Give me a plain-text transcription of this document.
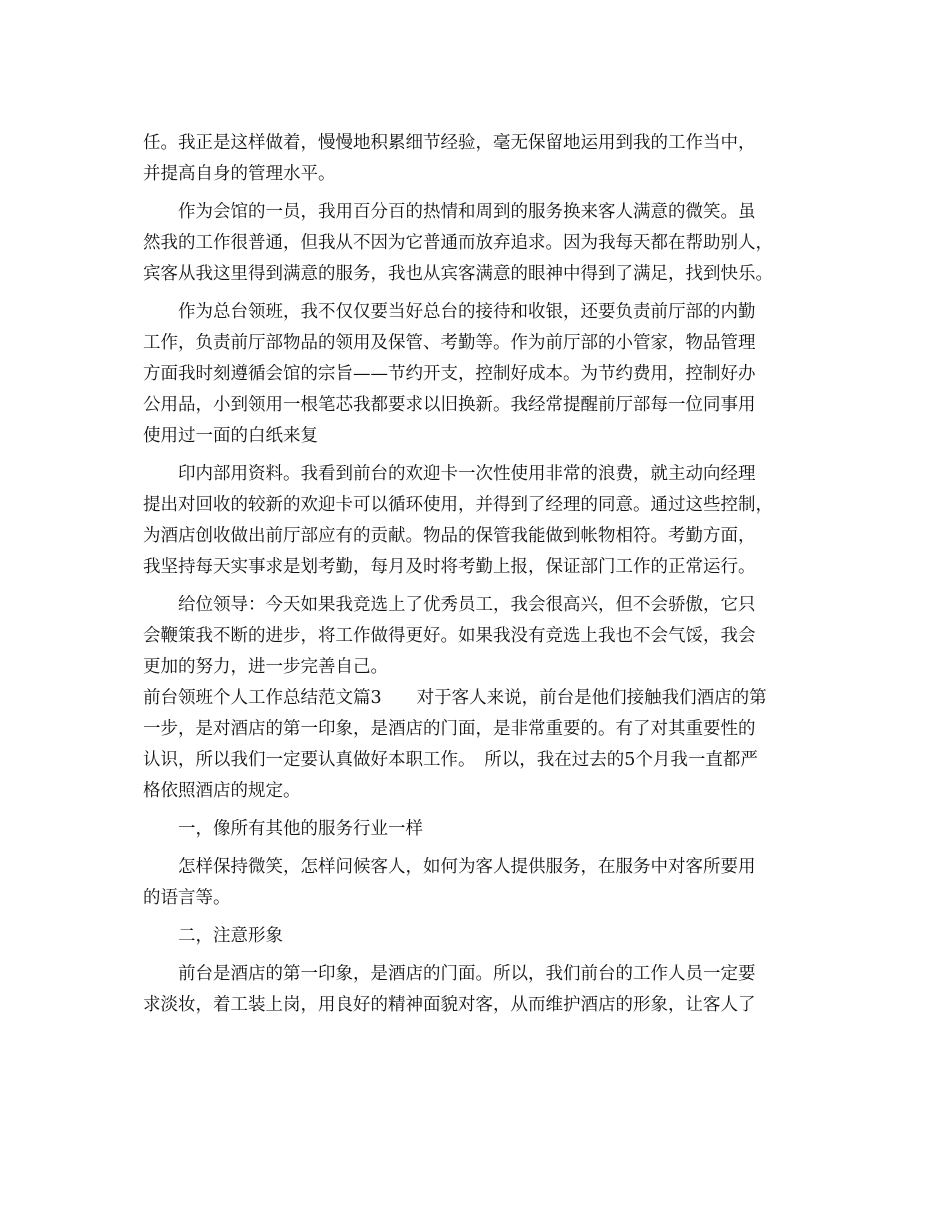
任。我正是这样做着，慢慢地积累细节经验，毫无保留地运用到我的工作当中，
并提高自身的管理水平。
作为会馆的一员，我用百分百的热情和周到的服务换来客人满意的微笑。虽
然我的工作很普通，但我从不因为它普通而放弃追求。因为我每天都在帮助别人，
宾客从我这里得到满意的服务，我也从宾客满意的眼神中得到了满足，找到快乐。
作为总台领班，我不仅仅要当好总台的接待和收银，还要负责前厅部的内勤
工作，负责前厅部物品的领用及保管、考勤等。作为前厅部的小管家，物品管理
方面我时刻遵循会馆的宗旨——节约开支，控制好成本。为节约费用，控制好办
公用品，小到领用一根笔芯我都要求以旧换新。我经常提醒前厅部每一位同事用
使用过一面的白纸来复
印内部用资料。我看到前台的欢迎卡一次性使用非常的浪费，就主动向经理
提出对回收的较新的欢迎卡可以循环使用，并得到了经理的同意。通过这些控制，
为酒店创收做出前厅部应有的贡献。物品的保管我能做到帐物相符。考勤方面，
我坚持每天实事求是划考勤，每月及时将考勤上报，保证部门工作的正常运行。
给位领导：今天如果我竞选上了优秀员工，我会很高兴，但不会骄傲，它只
会鞭策我不断的进步，将工作做得更好。如果我没有竞选上我也不会气馁，我会
更加的努力，进一步完善自己。
前台领班个人工作总结范文篇3　　对于客人来说，前台是他们接触我们酒店的第
一步，是对酒店的第一印象，是酒店的门面，是非常重要的。有了对其重要性的
认识，所以我们一定要认真做好本职工作。　所以，我在过去的5个月我一直都严
格依照酒店的规定。
一，像所有其他的服务行业一样
怎样保持微笑，怎样问候客人，如何为客人提供服务，在服务中对客所要用
的语言等。
二，注意形象
前台是酒店的第一印象，是酒店的门面。所以，我们前台的工作人员一定要
求淡妆，着工装上岗，用良好的精神面貌对客，从而维护酒店的形象，让客人了
